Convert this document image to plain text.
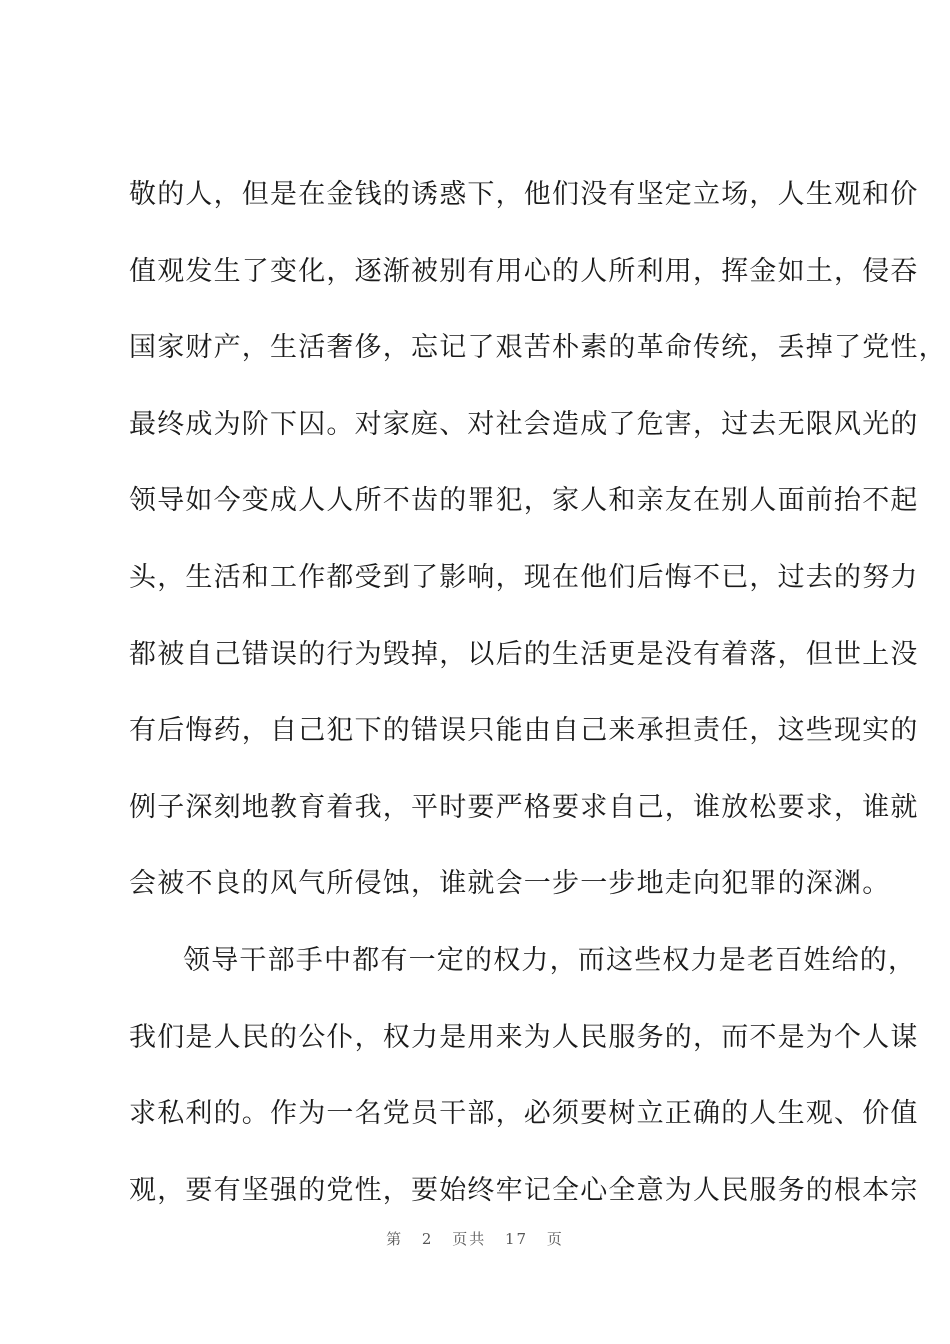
敬的人，但是在金钱的诱惑下，他们没有坚定立场，人生观和价
值观发生了变化，逐渐被别有用心的人所利用，挥金如土，侵吞
国家财产，生活奢侈，忘记了艰苦朴素的革命传统，丢掉了党性，
最终成为阶下囚。对家庭、对社会造成了危害，过去无限风光的
领导如今变成人人所不齿的罪犯，家人和亲友在别人面前抬不起
头，生活和工作都受到了影响，现在他们后悔不已，过去的努力
都被自己错误的行为毁掉，以后的生活更是没有着落，但世上没
有后悔药，自己犯下的错误只能由自己来承担责任，这些现实的
例子深刻地教育着我，平时要严格要求自己，谁放松要求，谁就
会被不良的风气所侵蚀，谁就会一步一步地走向犯罪的深渊。
领导干部手中都有一定的权力，而这些权力是老百姓给的，
我们是人民的公仆，权力是用来为人民服务的，而不是为个人谋
求私利的。作为一名党员干部，必须要树立正确的人生观、价值
观，要有坚强的党性，要始终牢记全心全意为人民服务的根本宗
第 2 页共 17 页
